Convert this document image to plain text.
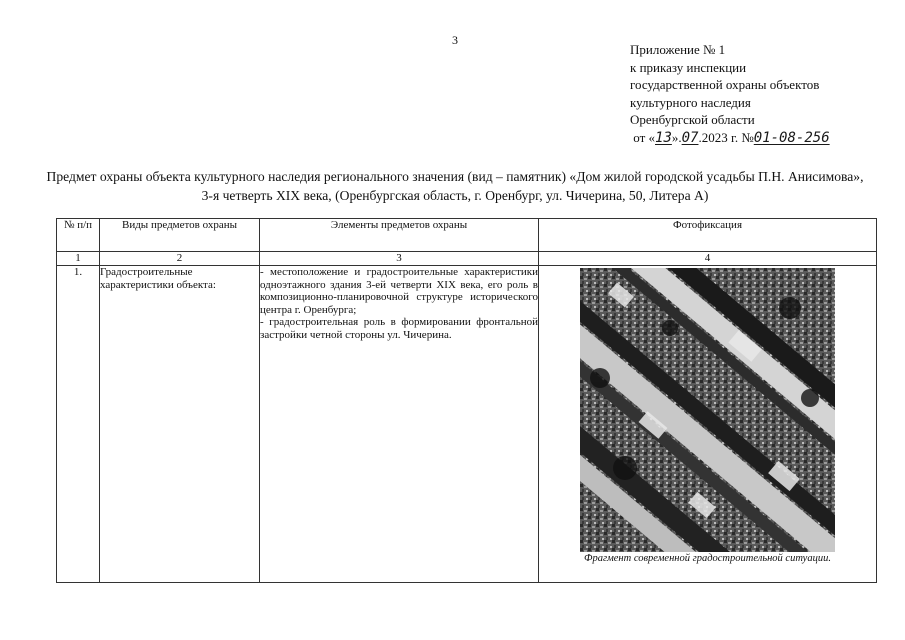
3
Приложение № 1
к приказу инспекции
государственной охраны объектов
культурного наследия
Оренбургской области
от «13».07.2023 г. №01-08-256
Предмет охраны объекта культурного наследия регионального значения (вид – памятник) «Дом жилой городской усадьбы П.Н. Анисимова», 3-я четверть XIX века, (Оренбургская область, г. Оренбург, ул. Чичерина, 50, Литера А)
№ п/п	Виды предметов охраны	Элементы предметов охраны	Фотофиксация
1	2	3	4
1.	Градостроительные характеристики объекта:	- местоположение и градостроительные характеристики одноэтажного здания 3-ей четверти XIX века, его роль в композиционно-планировочной структуре исторического центра г. Оренбурга;
- градостроительная роль в формировании фронтальной застройки четной стороны ул. Чичерина.	Фрагмент современной градостроительной ситуации.
